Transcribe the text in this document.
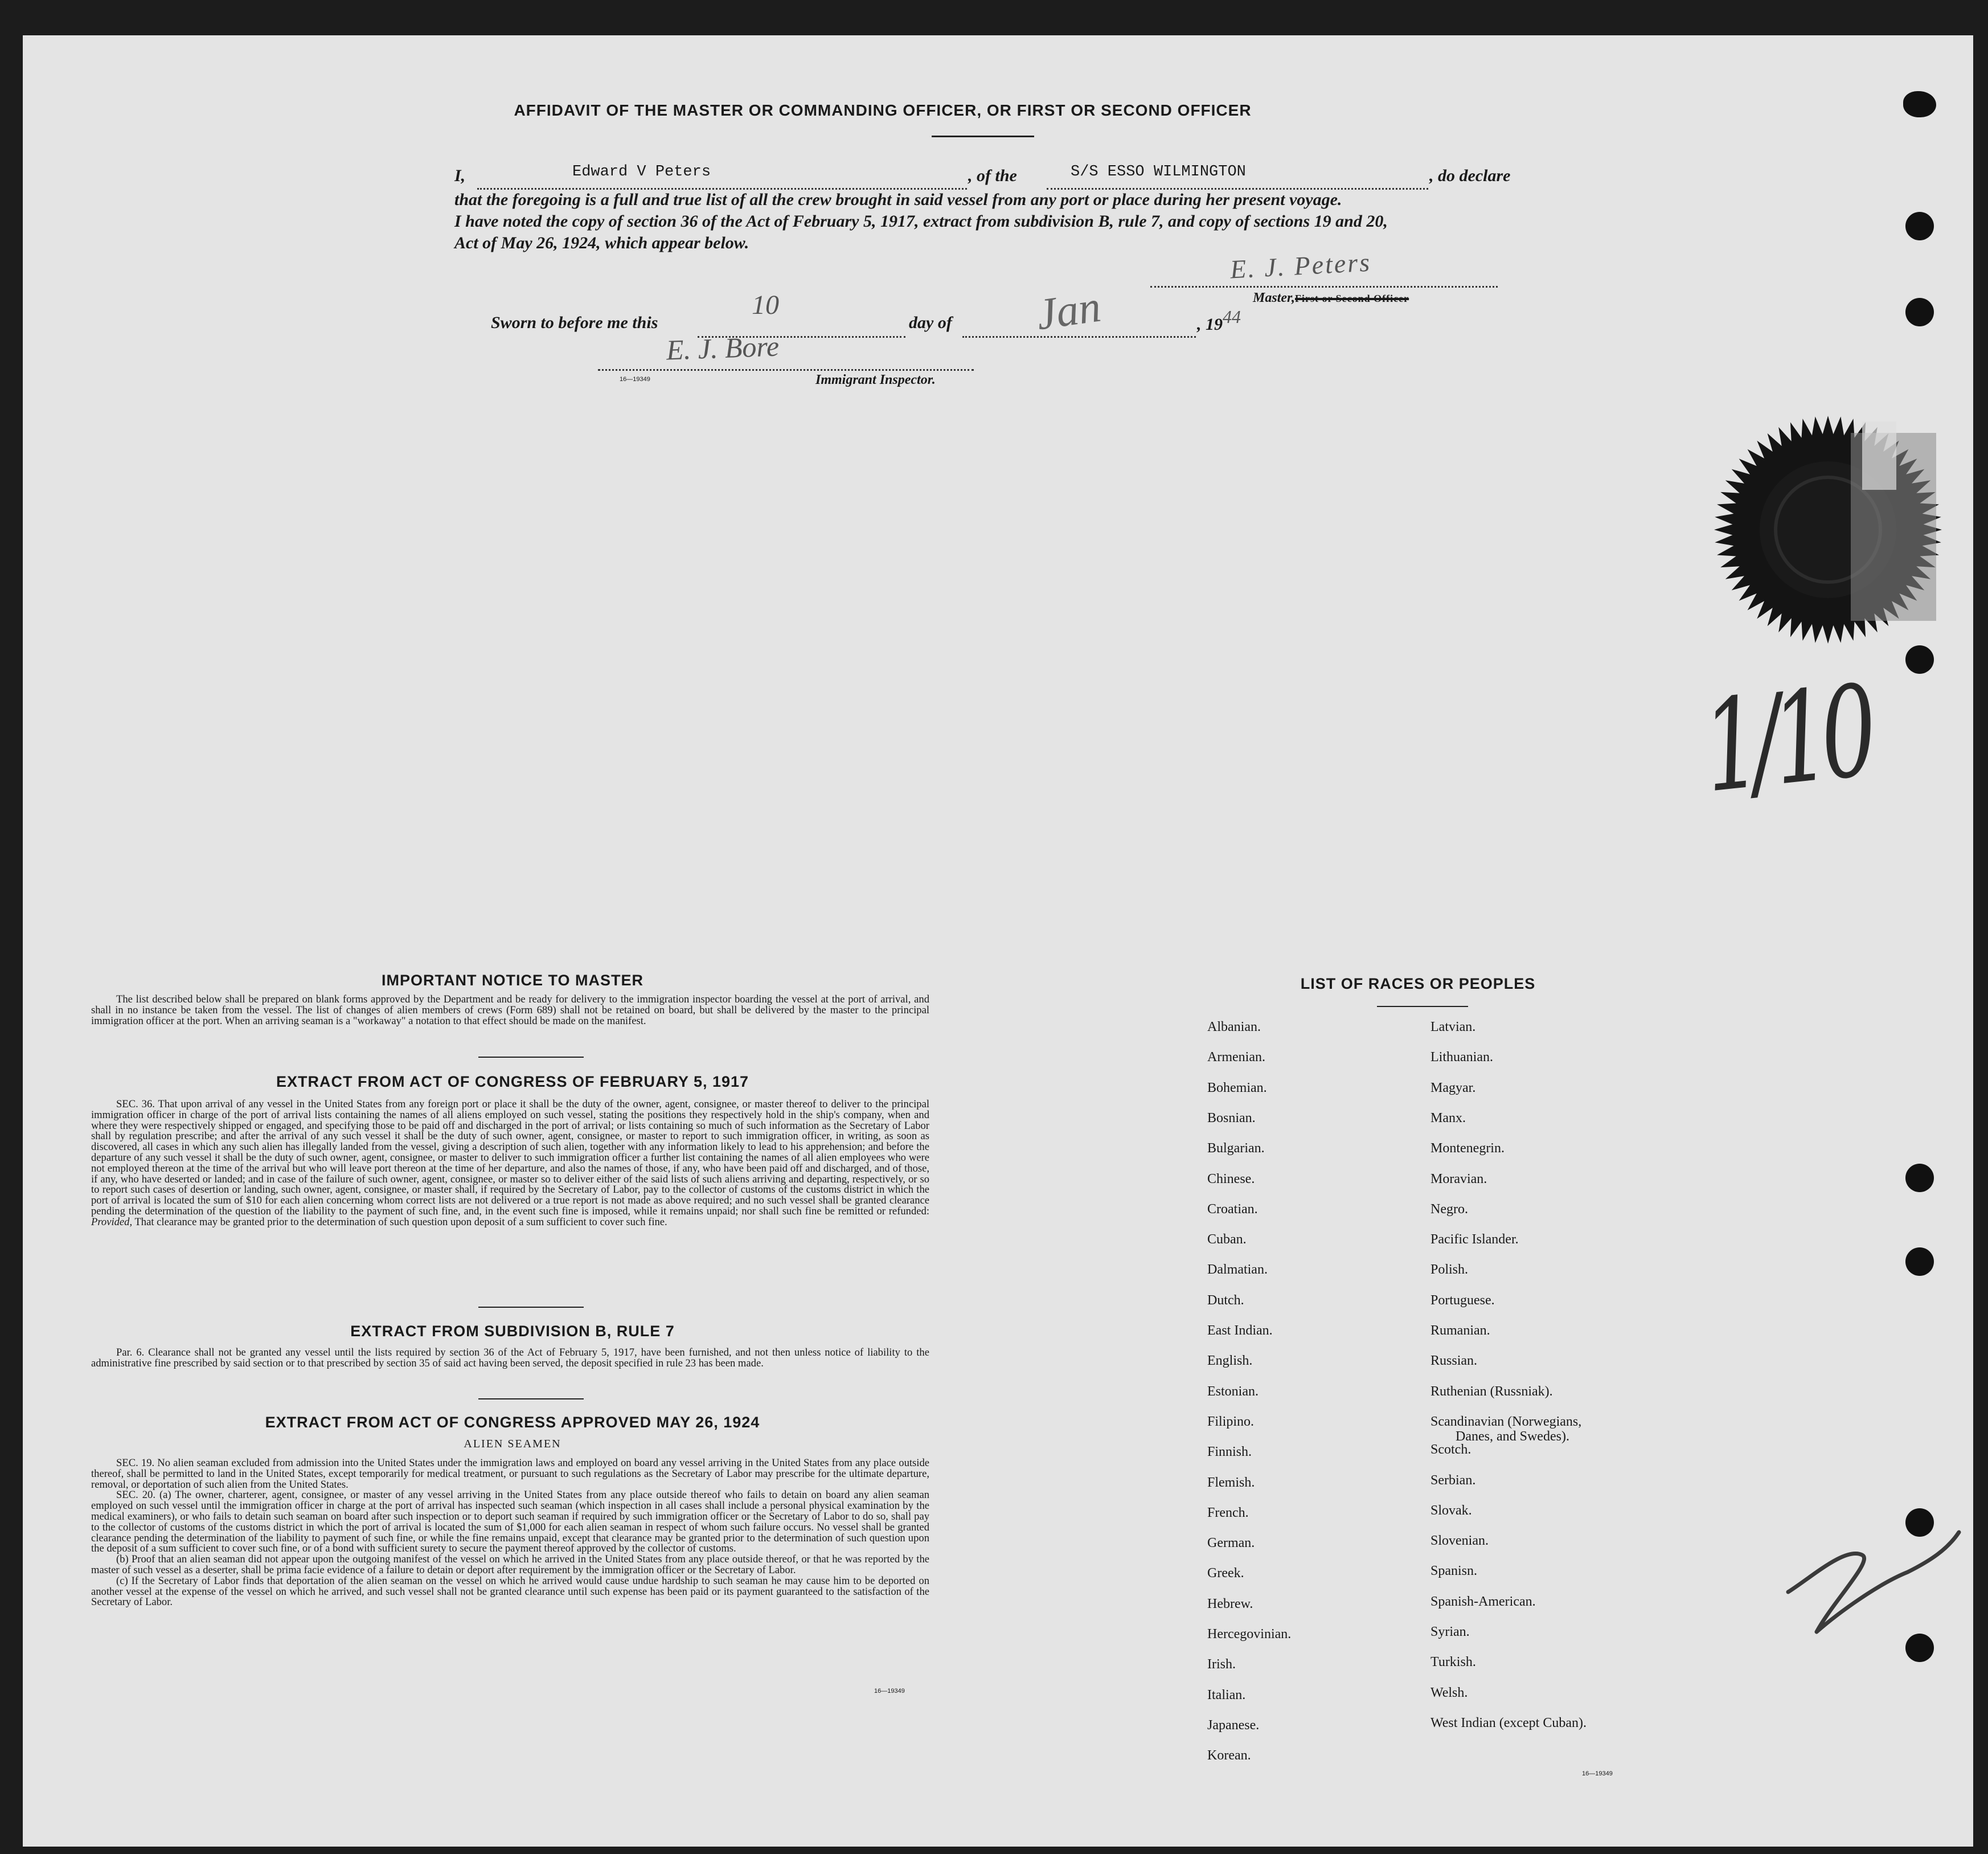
AFFIDAVIT OF THE MASTER OR COMMANDING OFFICER, OR FIRST OR SECOND OFFICER
I,	Edward V Peters	, of the	S/S ESSO WILMINGTON	, do declare
that the foregoing is a full and true list of all the crew brought in said vessel from any port or place during her present voyage.
I have noted the copy of section 36 of the Act of February 5, 1917, extract from subdivision B, rule 7, and copy of sections 19 and 20,
Act of May 26, 1924, which appear below.
E. J. Peters
Master,First or Second Officer
Sworn to before me this
10
day of Jan	, 1944
E. J. Bore
16—19349	Immigrant Inspector.
1/10
IMPORTANT NOTICE TO MASTER

The list described below shall be prepared on blank forms approved by the Department and be ready for delivery to the immigration inspector boarding the vessel at the port of arrival, and shall in no instance be taken from the vessel. The list of changes of alien members of crews (Form 689) shall not be retained on board, but shall be delivered by the master to the principal immigration officer at the port. When an arriving seaman is a "workaway" a notation to that effect should be made on the manifest.

EXTRACT FROM ACT OF CONGRESS OF FEBRUARY 5, 1917

SEC. 36. That upon arrival of any vessel in the United States from any foreign port or place it shall be the duty of the owner, agent, consignee, or master thereof to deliver to the principal immigration officer in charge of the port of arrival lists containing the names of all aliens employed on such vessel, stating the positions they respectively hold in the ship's company, when and where they were respectively shipped or engaged, and specifying those to be paid off and discharged in the port of arrival; or lists containing so much of such information as the Secretary of Labor shall by regulation prescribe; and after the arrival of any such vessel it shall be the duty of such owner, agent, consignee, or master to report to such immigration officer, in writing, as soon as discovered, all cases in which any such alien has illegally landed from the vessel, giving a description of such alien, together with any information likely to lead to his apprehension; and before the departure of any such vessel it shall be the duty of such owner, agent, consignee, or master to deliver to such immigration officer a further list containing the names of all alien employees who were not employed thereon at the time of the arrival but who will leave port thereon at the time of her departure, and also the names of those, if any, who have been paid off and discharged, and of those, if any, who have deserted or landed; and in case of the failure of such owner, agent, consignee, or master so to deliver either of the said lists of such aliens arriving and departing, respectively, or so to report such cases of desertion or landing, such owner, agent, consignee, or master shall, if required by the Secretary of Labor, pay to the collector of customs of the customs district in which the port of arrival is located the sum of $10 for each alien concerning whom correct lists are not delivered or a true report is not made as above required; and no such vessel shall be granted clearance pending the determination of the question of the liability to the payment of such fine, and, in the event such fine is imposed, while it remains unpaid; nor shall such fine be remitted or refunded: Provided, That clearance may be granted prior to the determination of such question upon deposit of a sum sufficient to cover such fine.

EXTRACT FROM SUBDIVISION B, RULE 7

Par. 6. Clearance shall not be granted any vessel until the lists required by section 36 of the Act of February 5, 1917, have been furnished, and not then unless notice of liability to the administrative fine prescribed by said section or to that prescribed by section 35 of said act having been served, the deposit specified in rule 23 has been made.

EXTRACT FROM ACT OF CONGRESS APPROVED MAY 26, 1924
ALIEN SEAMEN

SEC. 19. No alien seaman excluded from admission into the United States under the immigration laws and employed on board any vessel arriving in the United States from any place outside thereof, shall be permitted to land in the United States, except temporarily for medical treatment, or pursuant to such regulations as the Secretary of Labor may prescribe for the ultimate departure, removal, or deportation of such alien from the United States.

SEC. 20. (a) The owner, charterer, agent, consignee, or master of any vessel arriving in the United States from any place outside thereof who fails to detain on board any alien seaman employed on such vessel until the immigration officer in charge at the port of arrival has inspected such seaman (which inspection in all cases shall include a personal physical examination by the medical examiners), or who fails to detain such seaman on board after such inspection or to deport such seaman if required by such immigration officer or the Secretary of Labor to do so, shall pay to the collector of customs of the customs district in which the port of arrival is located the sum of $1,000 for each alien seaman in respect of whom such failure occurs. No vessel shall be granted clearance pending the determination of the liability to payment of such fine, or while the fine remains unpaid, except that clearance may be granted prior to the determination of such question upon the deposit of a sum sufficient to cover such fine, or of a bond with sufficient surety to secure the payment thereof approved by the collector of customs.

(b) Proof that an alien seaman did not appear upon the outgoing manifest of the vessel on which he arrived in the United States from any place outside thereof, or that he was reported by the master of such vessel as a deserter, shall be prima facie evidence of a failure to detain or deport after requirement by the immigration officer or the Secretary of Labor.

(c) If the Secretary of Labor finds that deportation of the alien seaman on the vessel on which he arrived would cause undue hardship to such seaman he may cause him to be deported on another vessel at the expense of the vessel on which he arrived, and such vessel shall not be granted clearance until such expense has been paid or its payment guaranteed to the satisfaction of the Secretary of Labor.

16—19349
LIST OF RACES OR PEOPLES
Albanian.
Armenian.
Bohemian.
Bosnian.
Bulgarian.
Chinese.
Croatian.
Cuban.
Dalmatian.
Dutch.
East Indian.
English.
Estonian.
Filipino.
Finnish.
Flemish.
French.
German.
Greek.
Hebrew.
Hercegovinian.
Irish.
Italian.
Japanese.
Korean.
Latvian.
Lithuanian.
Magyar.
Manx.
Montenegrin.
Moravian.
Negro.
Pacific Islander.
Polish.
Portuguese.
Rumanian.
Russian.
Ruthenian (Russniak).
Scandinavian (Norwegians,
Danes, and Swedes).
Scotch.
Serbian.
Slovak.
Slovenian.
Spanisn.
Spanish-American.
Syrian.
Turkish.
Welsh.
West Indian (except Cuban).
16—19349
